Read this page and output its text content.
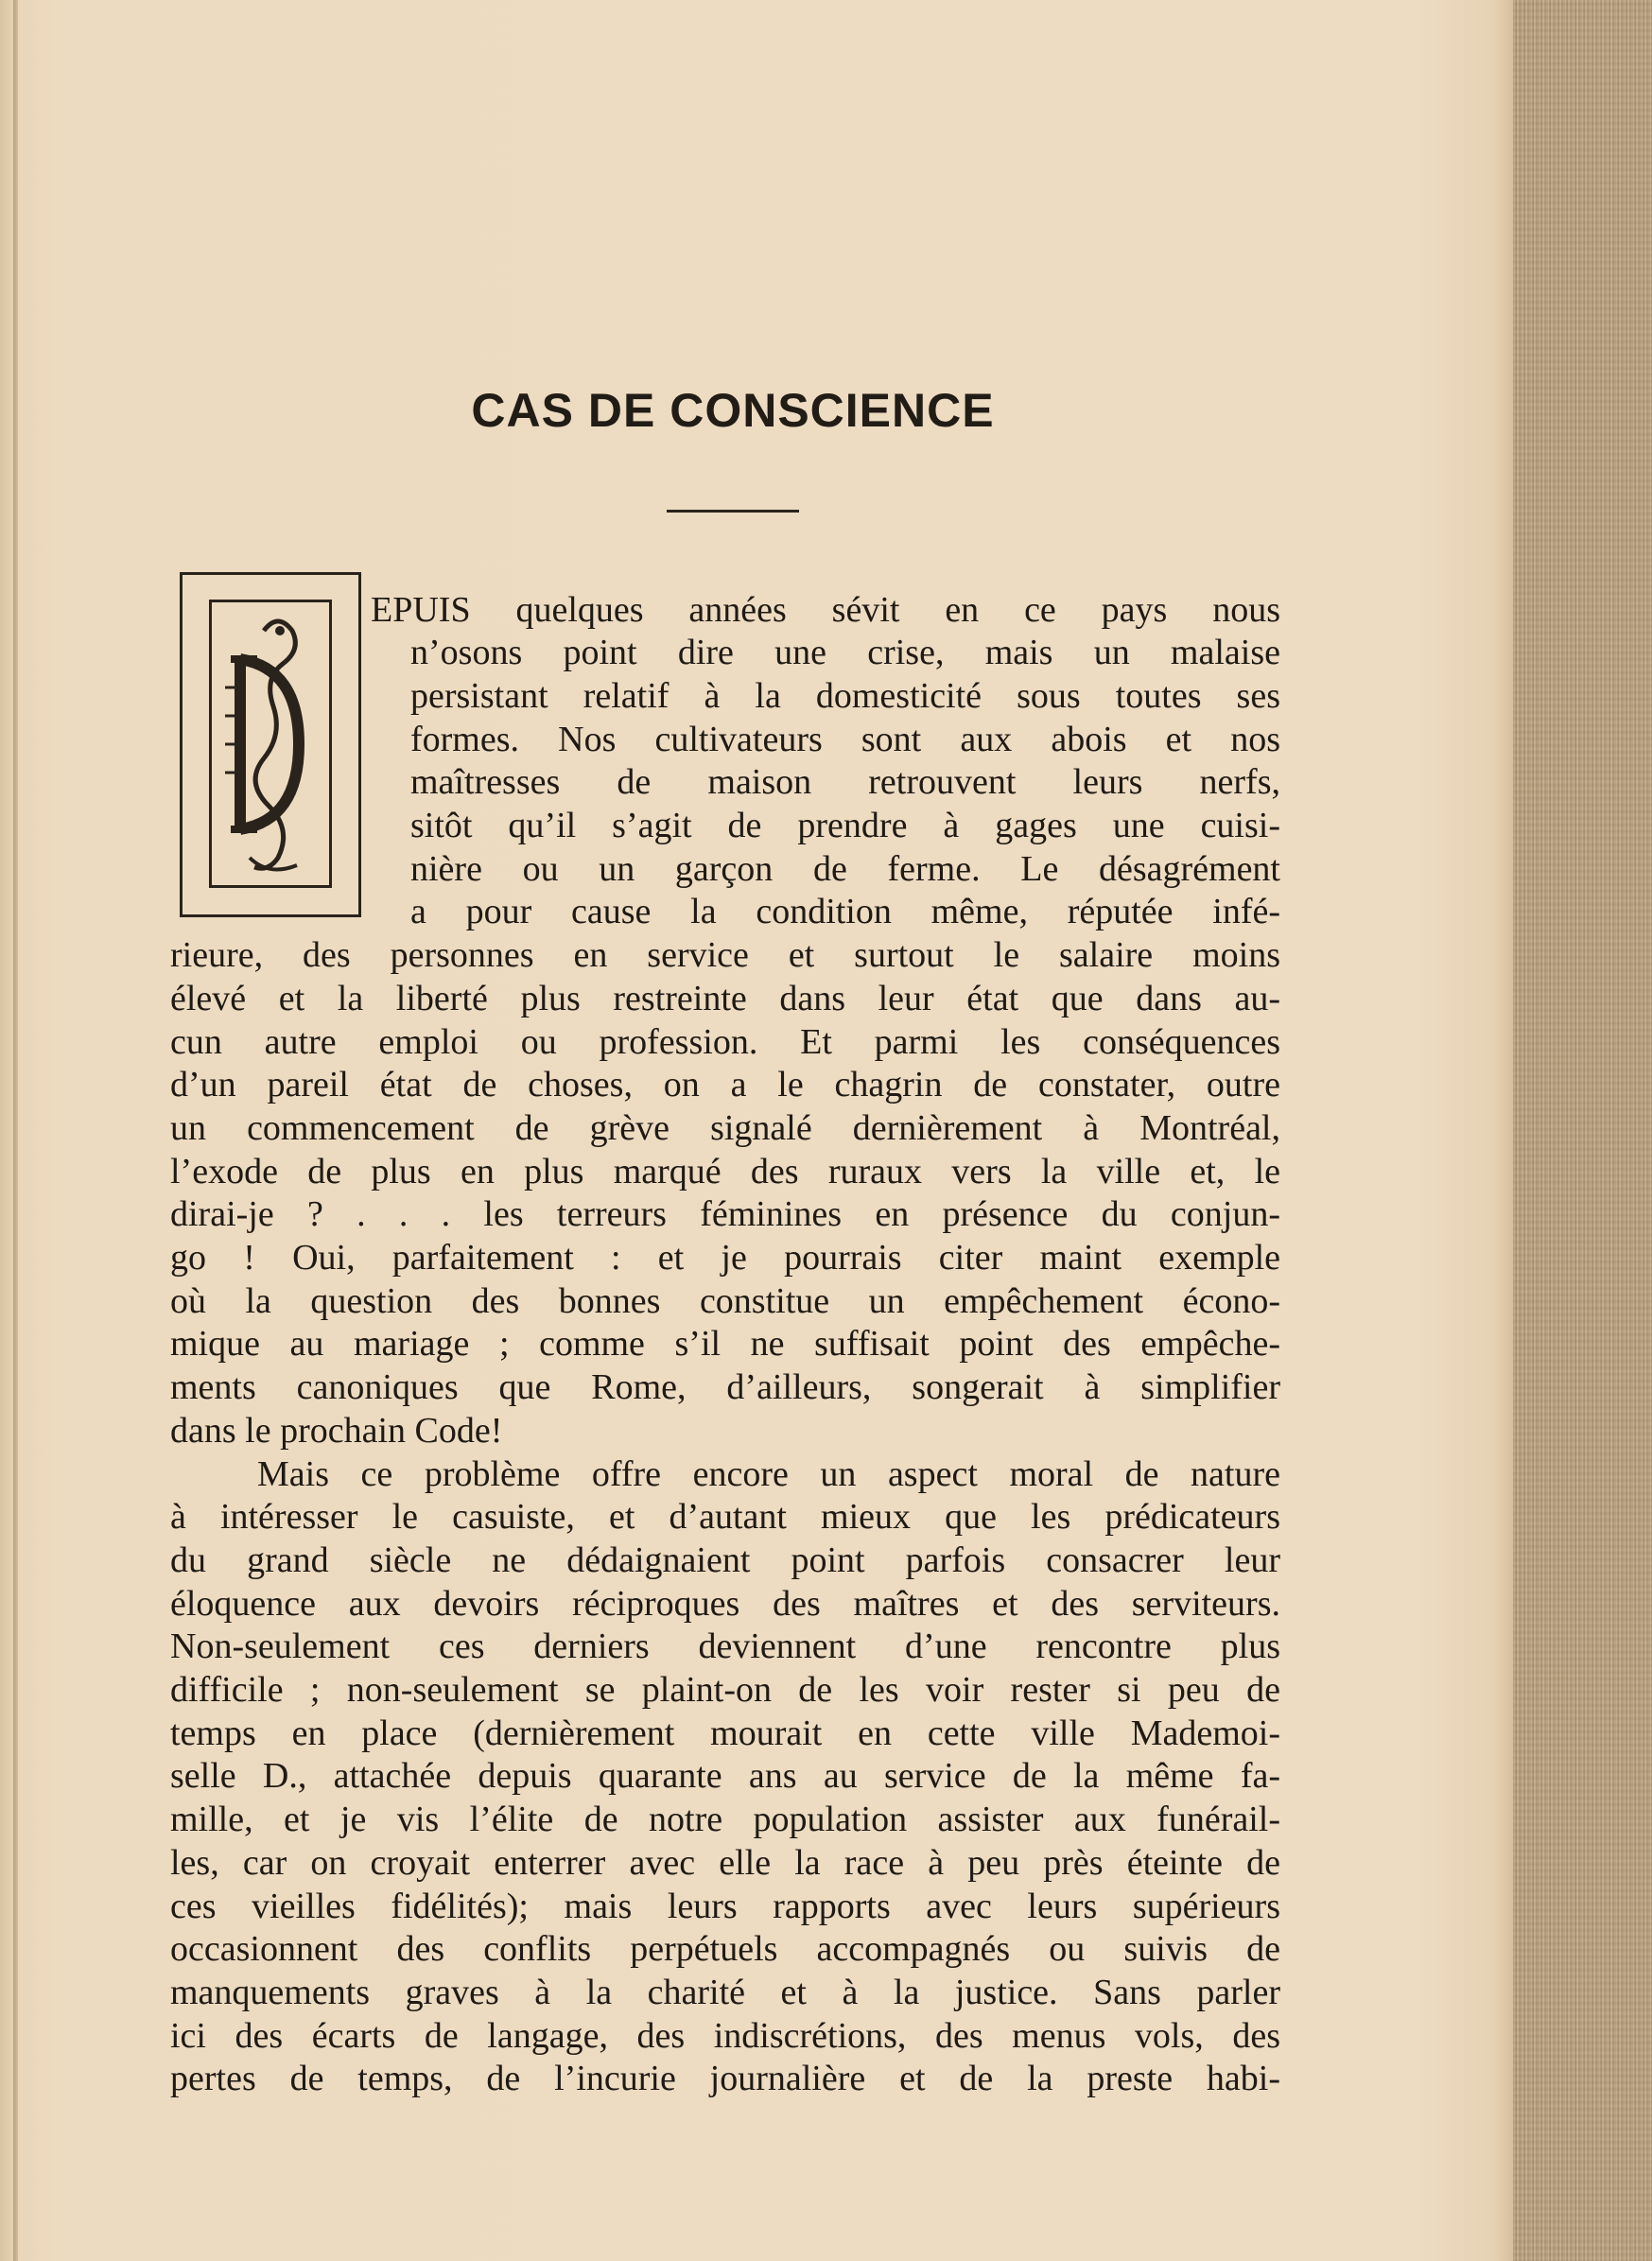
CAS DE CONSCIENCE
EPUIS quelques années sévit en ce pays nous
n’osons point dire une crise, mais un malaise
persistant relatif à la domesticité sous toutes ses
formes. Nos cultivateurs sont aux abois et nos
maîtresses de maison retrouvent leurs nerfs,
sitôt qu’il s’agit de prendre à gages une cuisi-
nière ou un garçon de ferme. Le désagrément
a pour cause la condition même, réputée infé-
rieure, des personnes en service et surtout le salaire moins
élevé et la liberté plus restreinte dans leur état que dans au-
cun autre emploi ou profession. Et parmi les conséquences
d’un pareil état de choses, on a le chagrin de constater, outre
un commencement de grève signalé dernièrement à Montréal,
l’exode de plus en plus marqué des ruraux vers la ville et, le
dirai-je ? . . . les terreurs féminines en présence du conjun-
go ! Oui, parfaitement : et je pourrais citer maint exemple
où la question des bonnes constitue un empêchement écono-
mique au mariage ; comme s’il ne suffisait point des empêche-
ments canoniques que Rome, d’ailleurs, songerait à simplifier
dans le prochain Code!
Mais ce problème offre encore un aspect moral de nature
à intéresser le casuiste, et d’autant mieux que les prédicateurs
du grand siècle ne dédaignaient point parfois consacrer leur
éloquence aux devoirs réciproques des maîtres et des serviteurs.
Non-seulement ces derniers deviennent d’une rencontre plus
difficile ; non-seulement se plaint-on de les voir rester si peu de
temps en place (dernièrement mourait en cette ville Mademoi-
selle D., attachée depuis quarante ans au service de la même fa-
mille, et je vis l’élite de notre population assister aux funérail-
les, car on croyait enterrer avec elle la race à peu près éteinte de
ces vieilles fidélités); mais leurs rapports avec leurs supérieurs
occasionnent des conflits perpétuels accompagnés ou suivis de
manquements graves à la charité et à la justice. Sans parler
ici des écarts de langage, des indiscrétions, des menus vols, des
pertes de temps, de l’incurie journalière et de la preste habi-
